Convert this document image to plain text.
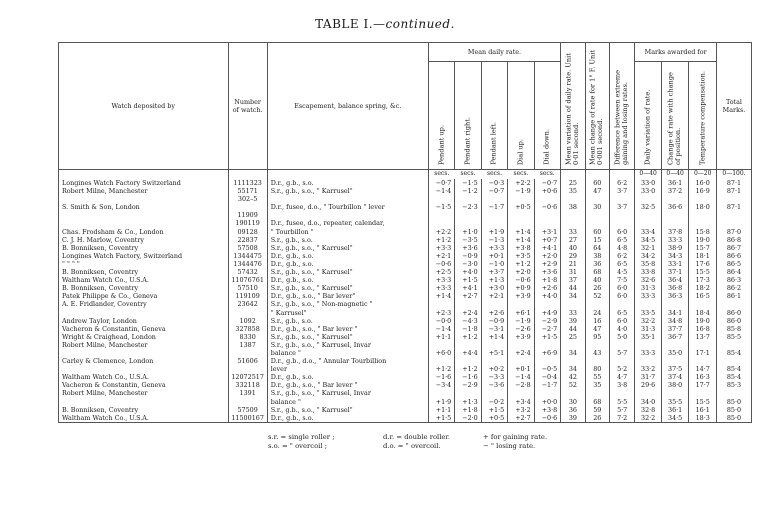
TABLE I.—continued.
Watch deposited by	Number of watch.	Escapement, balance spring, &c.	Mean daily rate.					Mean variation of daily rate. Unit 0·01 second.	Mean change of rate for 1° F. Unit 0·001 second.	Difference between extreme gaining and losing rates.	Marks awarded for			Total Marks.

			Pendant up.	Pendant right.	Pendant left.	Dial up.	Dial down.				Daily variation of rate.	Change of rate with change of position.	Temperature compensation.	

			secs.	secs.	secs.	secs.	secs.				0—40	0—40	0—20	0—100.
Longines Watch Factory Switzerland	1111323	D.r., g.b., s.o.	−0·7	−1·5	−0·3	+2·2	−0·7	25	60	6·2	33·0	36·1	16·0	87·1
Robert Milne, Manchester	55171	S.r., g.b., s.o., " Karrusel"	−1·4	−1·2	−0·7	−1·9	+0·6	35	47	3·7	33·0	37·2	16·9	87·1
	302–5													
S. Smith & Son, London		D.r., fusee, d.o., " Tourbillon " lever	−1·5	−2·3	−1·7	+0·5	−0·6	38	30	3·7	32·5	36·6	18·0	87·1
	11909													
	190119	D.r., fusee, d.o., repeater, calendar,												
Chas. Frodsham & Co., London	09128	" Tourbillon "	+2·2	+1·0	+1·9	+1·4	+3·1	33	60	6·0	33·4	37·8	15·8	87·0
C. J. H. Marlow, Coventry	22837	S.r., g.b., s.o.	+1·2	−3·5	−1·3	+1·4	+0·7	27	15	6·5	34·5	33·3	19·0	86·8
B. Bonniksen, Coventry	57508	S.r., g.b., s.o., " Karrusel"	+3·3	+3·6	+3·3	+3·8	+4·1	40	64	4·8	32·1	38·9	15·7	86·7
Longines Watch Factory, Switzerland	1344475	D.r., g.b., s.o.	+2·1	−0·9	+0·1	+3·5	+2·0	29	38	6·2	34·2	34·3	18·1	86·6
" " " "	1344476	D.r., g.b., s.o.	−0·6	−3·0	−1·0	+1·2	+2·9	21	36	6·5	35·8	33·1	17·6	86·5
B. Bonniksen, Coventry	57432	S.r., g.b., s.o., " Karrusel"	+2·5	+4·0	+3·7	+2·0	+3·6	31	68	4·5	33·8	37·1	15·5	86·4
Waltham Watch Co., U.S.A.	11076761	D.r., g.b., s.o.	+3·3	+1·5	+1·3	−0·6	+1·8	37	40	7·5	32·6	36·4	17·3	86·3
B. Bonniksen, Coventry	57510	S.r., g.b., s.o., " Karrusel"	+3·3	+4·1	+3·0	+0·9	+2·6	44	26	6·0	31·3	36·8	18·2	86·2
Patek Philippe & Co., Geneva	119109	D.r., g.b., s.o., " Bar lever"	+1·4	+2·7	+2·1	+3·9	+4·0	34	52	6·0	33·3	36·3	16·5	86·1
A. E. Fridlander, Coventry	23642	S.r., g.b., s.o., " Non-magnetic "												
		" Karrusel"	+2·3	+2·4	+2·6	+6·1	+4·9	33	24	6·5	33·5	34·1	18·4	86·0
Andrew Taylor, London	1092	S.r., g.b., s.o.	−0·0	−4·3	−0·9	−1·9	−2·9	39	16	6·0	32·2	34·8	19·0	86·0
Vacheron & Constantin, Geneva	327858	D.r., g.b., s.o., " Bar lever "	−1·4	−1·8	−3·1	−2·6	−2·7	44	47	4·0	31·3	37·7	16·8	85·8
Wright & Craighead, London	8330	S.r., g.b., s.o., " Karrusel"	+1·1	+1·2	+1·4	+3·9	+1·5	25	95	5·0	35·1	36·7	13·7	85·5
Robert Milne, Manchester	1387	S.r., g.b., s.o., " Karrusel, Invar												
		balance "	+6·0	+4·4	+5·1	+2·4	+6·9	34	43	5·7	33·3	35·0	17·1	85·4
Carley & Clemence, London	51606	D.r., g.b., d.o., " Annular Tourbillion												
		lever	+1·2	+1·2	+0·2	+0·1	−0·5	34	80	5·2	33·2	37·5	14·7	85·4
Waltham Watch Co., U.S.A.	12072517	D.r., g.b., s.o.	−1·6	−1·6	−3·3	−1·4	−0·4	42	55	4·7	31·7	37·4	16·3	85·4
Vacheron & Constantin, Geneva	332118	D.r., g.b., s.o., " Bar lever "	−3·4	−2·9	−3·6	−2·8	−1·7	52	35	3·8	29·6	38·0	17·7	85·3
Robert Milne, Manchester	1391	S.r., g.b., s.o., " Karrusel, Invar												
		balance "	+1·9	+1·3	−0·2	+3·4	+0·0	30	68	5·5	34·0	35·5	15·5	85·0
B. Bonniksen, Coventry	57509	S.r., g.b., s.o., " Karrusel"	+1·1	+1·8	+1·5	+3·2	+3·8	36	59	5·7	32·8	36·1	16·1	85·0
Waltham Watch Co., U.S.A.	11500167	D.r., g.b., s.o.	+1·5	−2·0	+0·5	+2·7	−0·6	39	26	7·2	32·2	34·5	18·3	85·0
s.r. = single roller ;	d.r. = double roller.	+ for gaining rate.
s.o. = " overcoil ;	d.o. = " overcoil.	− " losing rate.
